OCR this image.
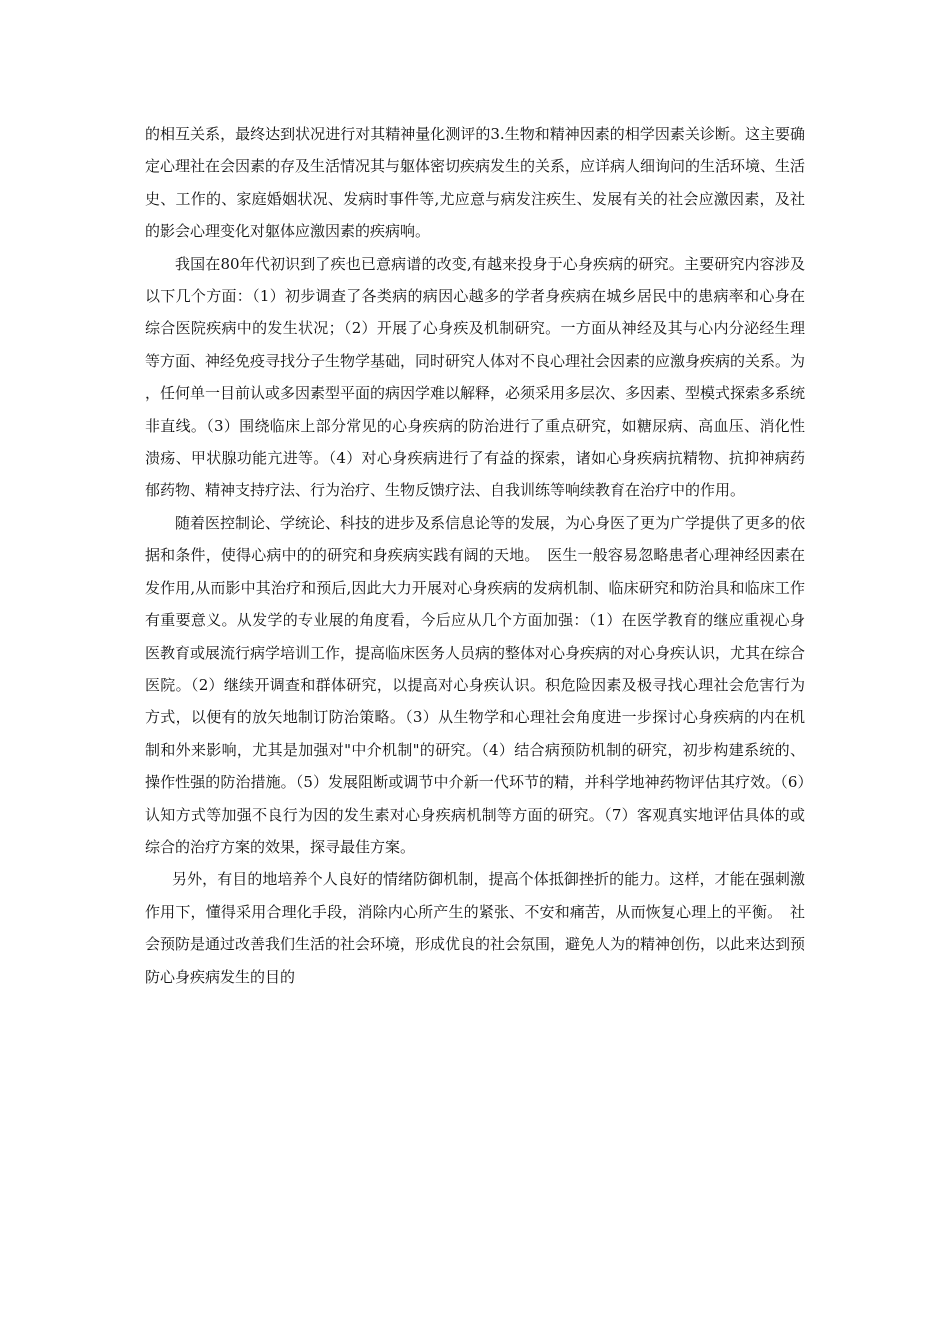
的相互关系，最终达到状况进行对其精神量化测评的3.生物和精神因素的相学因素关诊断。这主要确定心理社在会因素的存及生活情况其与躯体密切疾病发生的关系，应详病人细询问的生活环境、生活史、工作的、家庭婚姻状况、发病时事件等,尤应意与病发注疾生、发展有关的社会应激因素，及社的影会心理变化对躯体应激因素的疾病响。

我国在80年代初识到了疾也已意病谱的改变,有越来投身于心身疾病的研究。主要研究内容涉及以下几个方面：（1）初步调查了各类病的病因心越多的学者身疾病在城乡居民中的患病率和心身在综合医院疾病中的发生状况；（2）开展了心身疾及机制研究。一方面从神经及其与心内分泌经生理等方面、神经免疫寻找分子生物学基础，同时研究人体对不良心理社会因素的应激身疾病的关系。为，任何单一目前认或多因素型平面的病因学难以解释，必须采用多层次、多因素、型模式探索多系统非直线。（3）围绕临床上部分常见的心身疾病的防治进行了重点研究，如糖尿病、高血压、消化性溃疡、甲状腺功能亢进等。（4）对心身疾病进行了有益的探索，诸如心身疾病抗精物、抗抑神病药郁药物、精神支持疗法、行为治疗、生物反馈疗法、自我训练等响续教育在治疗中的作用。

随着医控制论、学统论、科技的进步及系信息论等的发展，为心身医了更为广学提供了更多的依据和条件，使得心病中的的研究和身疾病实践有阔的天地。　医生一般容易忽略患者心理神经因素在发作用,从而影中其治疗和预后,因此大力开展对心身疾病的发病机制、临床研究和防治具和临床工作有重要意义。从发学的专业展的角度看，今后应从几个方面加强：（1）在医学教育的继应重视心身医教育或展流行病学培训工作，提高临床医务人员病的整体对心身疾病的对心身疾认识，尤其在综合医院。（2）继续开调查和群体研究，以提高对心身疾认识。积危险因素及极寻找心理社会危害行为方式，以便有的放矢地制订防治策略。（3）从生物学和心理社会角度进一步探讨心身疾病的内在机制和外来影响，尤其是加强对"中介机制"的研究。（4）结合病预防机制的研究，初步构建系统的、操作性强的防治措施。（5）发展阻断或调节中介新一代环节的精，并科学地神药物评估其疗效。（6）认知方式等加强不良行为因的发生素对心身疾病机制等方面的研究。（7）客观真实地评估具体的或综合的治疗方案的效果，探寻最佳方案。

另外，有目的地培养个人良好的情绪防御机制，提高个体抵御挫折的能力。这样，才能在强刺激作用下，懂得采用合理化手段，消除内心所产生的紧张、不安和痛苦，从而恢复心理上的平衡。　社会预防是通过改善我们生活的社会环境，形成优良的社会氛围，避免人为的精神创伤，以此来达到预防心身疾病发生的目的
